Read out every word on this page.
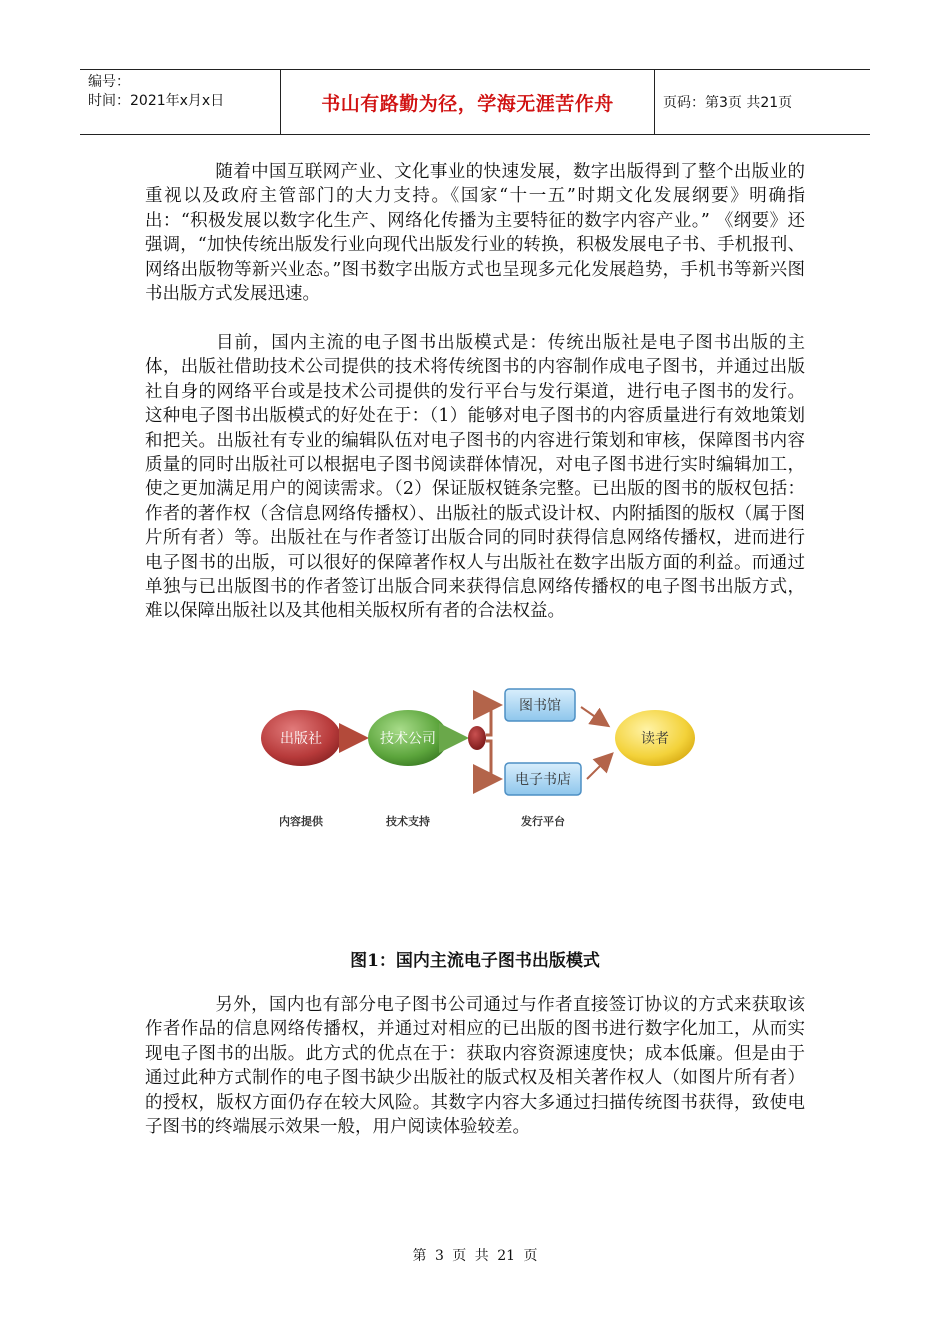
编号：
时间：2021年x月x日	书山有路勤为径，学海无涯苦作舟	页码：第3页 共21页

随着中国互联网产业、文化事业的快速发展，数字出版得到了整个出版业的重视以及政府主管部门的大力支持。《国家“十一五”时期文化发展纲要》明确指出：“积极发展以数字化生产、网络化传播为主要特征的数字内容产业。” 《纲要》还强调，“加快传统出版发行业向现代出版发行业的转换，积极发展电子书、手机报刊、网络出版物等新兴业态。”图书数字出版方式也呈现多元化发展趋势，手机书等新兴图书出版方式发展迅速。

目前，国内主流的电子图书出版模式是：传统出版社是电子图书出版的主体，出版社借助技术公司提供的技术将传统图书的内容制作成电子图书，并通过出版社自身的网络平台或是技术公司提供的发行平台与发行渠道，进行电子图书的发行。这种电子图书出版模式的好处在于：（1）能够对电子图书的内容质量进行有效地策划和把关。出版社有专业的编辑队伍对电子图书的内容进行策划和审核，保障图书内容质量的同时出版社可以根据电子图书阅读群体情况，对电子图书进行实时编辑加工，使之更加满足用户的阅读需求。（2）保证版权链条完整。已出版的图书的版权包括：作者的著作权（含信息网络传播权）、出版社的版式设计权、内附插图的版权（属于图片所有者）等。出版社在与作者签订出版合同的同时获得信息网络传播权，进而进行电子图书的出版，可以很好的保障著作权人与出版社在数字出版方面的利益。而通过单独与已出版图书的作者签订出版合同来获得信息网络传播权的电子图书出版方式，难以保障出版社以及其他相关版权所有者的合法权益。

出版社	技术公司
图书馆
电子书店
读者
内容提供	技术支持	发行平台
图1：国内主流电子图书出版模式

另外，国内也有部分电子图书公司通过与作者直接签订协议的方式来获取该作者作品的信息网络传播权，并通过对相应的已出版的图书进行数字化加工，从而实现电子图书的出版。此方式的优点在于：获取内容资源速度快；成本低廉。但是由于通过此种方式制作的电子图书缺少出版社的版式权及相关著作权人（如图片所有者）的授权，版权方面仍存在较大风险。其数字内容大多通过扫描传统图书获得，致使电子图书的终端展示效果一般，用户阅读体验较差。

第 3 页 共 21 页
